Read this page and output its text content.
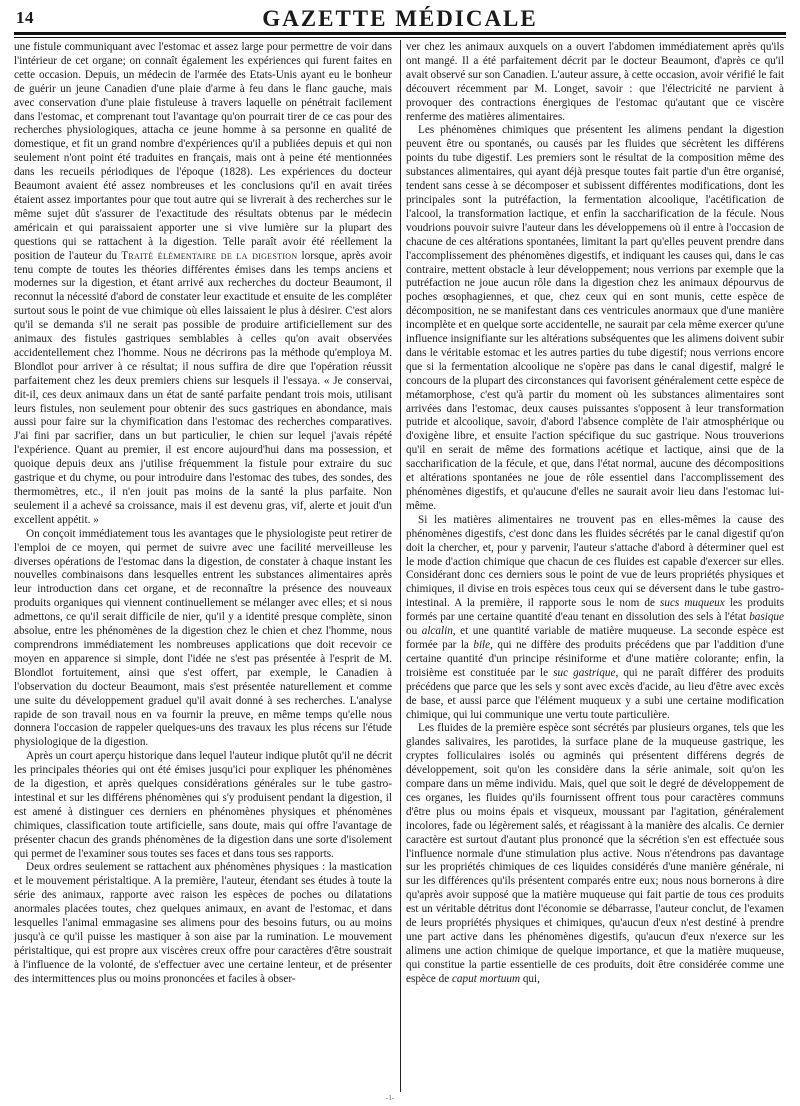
14	GAZETTE MÉDICALE

une fistule communiquant avec l'estomac et assez large pour permettre de voir dans l'intérieur de cet organe; on connaît également les expériences qui furent faites en cette occasion. Depuis, un médecin de l'armée des Etats-Unis ayant eu le bonheur de guérir un jeune Canadien d'une plaie d'arme à feu dans le flanc gauche, mais avec conservation d'une plaie fistuleuse à travers laquelle on pénétrait facilement dans l'estomac, et comprenant tout l'avantage qu'on pourrait tirer de ce cas pour des recherches physiologiques, attacha ce jeune homme à sa personne en qualité de domestique, et fit un grand nombre d'expériences qu'il a publiées depuis et qui non seulement n'ont point été traduites en français, mais ont à peine été mentionnées dans les recueils périodiques de l'époque (1828). Les expériences du docteur Beaumont avaient été assez nombreuses et les conclusions qu'il en avait tirées étaient assez importantes pour que tout autre qui se livrerait à des recherches sur le même sujet dût s'assurer de l'exactitude des résultats obtenus par le médecin américain et qui paraissaient apporter une si vive lumière sur la plupart des questions qui se rattachent à la digestion. Telle paraît avoir été réellement la position de l'auteur du Traité élémentaire de la digestion lorsque, après avoir tenu compte de toutes les théories différentes émises dans les temps anciens et modernes sur la digestion, et étant arrivé aux recherches du docteur Beaumont, il reconnut la nécessité d'abord de constater leur exactitude et ensuite de les compléter surtout sous le point de vue chimique où elles laissaient le plus à désirer. C'est alors qu'il se demanda s'il ne serait pas possible de produire artificiellement sur des animaux des fistules gastriques semblables à celles qu'on avait observées accidentellement chez l'homme. Nous ne décrirons pas la méthode qu'employa M. Blondlot pour arriver à ce résultat; il nous suffira de dire que l'opération réussit parfaitement chez les deux premiers chiens sur lesquels il l'essaya. « Je conservai, dit-il, ces deux animaux dans un état de santé parfaite pendant trois mois, utilisant leurs fistules, non seulement pour obtenir des sucs gastriques en abondance, mais aussi pour faire sur la chymification dans l'estomac des recherches comparatives. J'ai fini par sacrifier, dans un but particulier, le chien sur lequel j'avais répété l'expérience. Quant au premier, il est encore aujourd'hui dans ma possession, et quoique depuis deux ans j'utilise fréquemment la fistule pour extraire du suc gastrique et du chyme, ou pour introduire dans l'estomac des tubes, des sondes, des thermomètres, etc., il n'en jouit pas moins de la santé la plus parfaite. Non seulement il a achevé sa croissance, mais il est devenu gras, vif, alerte et jouit d'un excellent appétit. »

On conçoit immédiatement tous les avantages que le physiologiste peut retirer de l'emploi de ce moyen, qui permet de suivre avec une facilité merveilleuse les diverses opérations de l'estomac dans la digestion, de constater à chaque instant les nouvelles combinaisons dans lesquelles entrent les substances alimentaires après leur introduction dans cet organe, et de reconnaître la présence des nouveaux produits organiques qui viennent continuellement se mélanger avec elles; et si nous admettons, ce qu'il serait difficile de nier, qu'il y a identité presque complète, sinon absolue, entre les phénomènes de la digestion chez le chien et chez l'homme, nous comprendrons immédiatement les nombreuses applications que doit recevoir ce moyen en apparence si simple, dont l'idée ne s'est pas présentée à l'esprit de M. Blondlot fortuitement, ainsi que s'est offert, par exemple, le Canadien à l'observation du docteur Beaumont, mais s'est présentée naturellement et comme une suite du développement graduel qu'il avait donné à ses recherches. L'analyse rapide de son travail nous en va fournir la preuve, en même temps qu'elle nous donnera l'occasion de rappeler quelques-uns des travaux les plus récens sur l'étude physiologique de la digestion.

Après un court aperçu historique dans lequel l'auteur indique plutôt qu'il ne décrit les principales théories qui ont été émises jusqu'ici pour expliquer les phénomènes de la digestion, et après quelques considérations générales sur le tube gastro-intestinal et sur les différens phénomènes qui s'y produisent pendant la digestion, il est amené à distinguer ces derniers en phénomènes physiques et phénomènes chimiques, classification toute artificielle, sans doute, mais qui offre l'avantage de présenter chacun des grands phénomènes de la digestion dans une sorte d'isolement qui permet de l'examiner sous toutes ses faces et dans tous ses rapports.

Deux ordres seulement se rattachent aux phénomènes physiques : la mastication et le mouvement péristaltique. A la première, l'auteur, étendant ses études à toute la série des animaux, rapporte avec raison les espèces de poches ou dilatations anormales placées toutes, chez quelques animaux, en avant de l'estomac, et dans lesquelles l'animal emmagasine ses alimens pour des besoins futurs, ou au moins jusqu'à ce qu'il puisse les mastiquer à son aise par la rumination. Le mouvement péristaltique, qui est propre aux viscères creux offre pour caractères d'être soustrait à l'influence de la volonté, de s'effectuer avec une certaine lenteur, et de présenter des intermittences plus ou moins prononcées et faciles à obser-

ver chez les animaux auxquels on a ouvert l'abdomen immédiatement après qu'ils ont mangé. Il a été parfaitement décrit par le docteur Beaumont, d'après ce qu'il avait observé sur son Canadien. L'auteur assure, à cette occasion, avoir vérifié le fait découvert récemment par M. Longet, savoir : que l'électricité ne parvient à provoquer des contractions énergiques de l'estomac qu'autant que ce viscère renferme des matières alimentaires.

Les phénomènes chimiques que présentent les alimens pendant la digestion peuvent être ou spontanés, ou causés par les fluides que sécrètent les différens points du tube digestif. Les premiers sont le résultat de la composition même des substances alimentaires, qui ayant déjà presque toutes fait partie d'un être organisé, tendent sans cesse à se décomposer et subissent différentes modifications, dont les principales sont la putréfaction, la fermentation alcoolique, l'acétification de l'alcool, la transformation lactique, et enfin la saccharification de la fécule. Nous voudrions pouvoir suivre l'auteur dans les développemens où il entre à l'occasion de chacune de ces altérations spontanées, limitant la part qu'elles peuvent prendre dans l'accomplissement des phénomènes digestifs, et indiquant les causes qui, dans le cas contraire, mettent obstacle à leur développement; nous verrions par exemple que la putréfaction ne joue aucun rôle dans la digestion chez les animaux dépourvus de poches œsophagiennes, et que, chez ceux qui en sont munis, cette espèce de décomposition, ne se manifestant dans ces ventricules anormaux que d'une manière incomplète et en quelque sorte accidentelle, ne saurait par cela même exercer qu'une influence insignifiante sur les altérations subséquentes que les alimens doivent subir dans le véritable estomac et les autres parties du tube digestif; nous verrions encore que si la fermentation alcoolique ne s'opère pas dans le canal digestif, malgré le concours de la plupart des circonstances qui favorisent généralement cette espèce de métamorphose, c'est qu'à partir du moment où les substances alimentaires sont arrivées dans l'estomac, deux causes puissantes s'opposent à leur transformation putride et alcoolique, savoir, d'abord l'absence complète de l'air atmosphérique ou d'oxigène libre, et ensuite l'action spécifique du suc gastrique. Nous trouverions qu'il en serait de même des formations acétique et lactique, ainsi que de la saccharification de la fécule, et que, dans l'état normal, aucune des décompositions et altérations spontanées ne joue de rôle essentiel dans l'accomplissement des phénomènes digestifs, et qu'aucune d'elles ne saurait avoir lieu dans l'estomac lui-même.

Si les matières alimentaires ne trouvent pas en elles-mêmes la cause des phénomènes digestifs, c'est donc dans les fluides sécrétés par le canal digestif qu'on doit la chercher, et, pour y parvenir, l'auteur s'attache d'abord à déterminer quel est le mode d'action chimique que chacun de ces fluides est capable d'exercer sur elles. Considérant donc ces derniers sous le point de vue de leurs propriétés physiques et chimiques, il divise en trois espèces tous ceux qui se déversent dans le tube gastro-intestinal. A la première, il rapporte sous le nom de sucs muqueux les produits formés par une certaine quantité d'eau tenant en dissolution des sels à l'état basique ou alcalin, et une quantité variable de matière muqueuse. La seconde espèce est formée par la bile, qui ne diffère des produits précédens que par l'addition d'une certaine quantité d'un principe résiniforme et d'une matière colorante; enfin, la troisième est constituée par le suc gastrique, qui ne paraît différer des produits précédens que parce que les sels y sont avec excès d'acide, au lieu d'être avec excès de base, et aussi parce que l'élément muqueux y a subi une certaine modification chimique, qui lui communique une vertu toute particulière.

Les fluides de la première espèce sont sécrétés par plusieurs organes, tels que les glandes salivaires, les parotides, la surface plane de la muqueuse gastrique, les cryptes folliculaires isolés ou agminés qui présentent différens degrés de développement, soit qu'on les considère dans la série animale, soit qu'on les compare dans un même individu. Mais, quel que soit le degré de développement de ces organes, les fluides qu'ils fournissent offrent tous pour caractères communs d'être plus ou moins épais et visqueux, moussant par l'agitation, généralement incolores, fade ou légèrement salés, et réagissant à la manière des alcalis. Ce dernier caractère est surtout d'autant plus prononcé que la sécrétion s'en est effectuée sous l'influence normale d'une stimulation plus active. Nous n'étendrons pas davantage sur les propriétés chimiques de ces liquides considérés d'une manière générale, ni sur les différences qu'ils présentent comparés entre eux; nous nous bornerons à dire qu'après avoir supposé que la matière muqueuse qui fait partie de tous ces produits est un véritable détritus dont l'économie se débarrasse, l'auteur conclut, de l'examen de leurs propriétés physiques et chimiques, qu'aucun d'eux n'est destiné à prendre une part active dans les phénomènes digestifs, qu'aucun d'eux n'exerce sur les alimens une action chimique de quelque importance, et que la matière muqueuse, qui constitue la partie essentielle de ces produits, doit être considérée comme une espèce de caput mortuum qui,

-1-
